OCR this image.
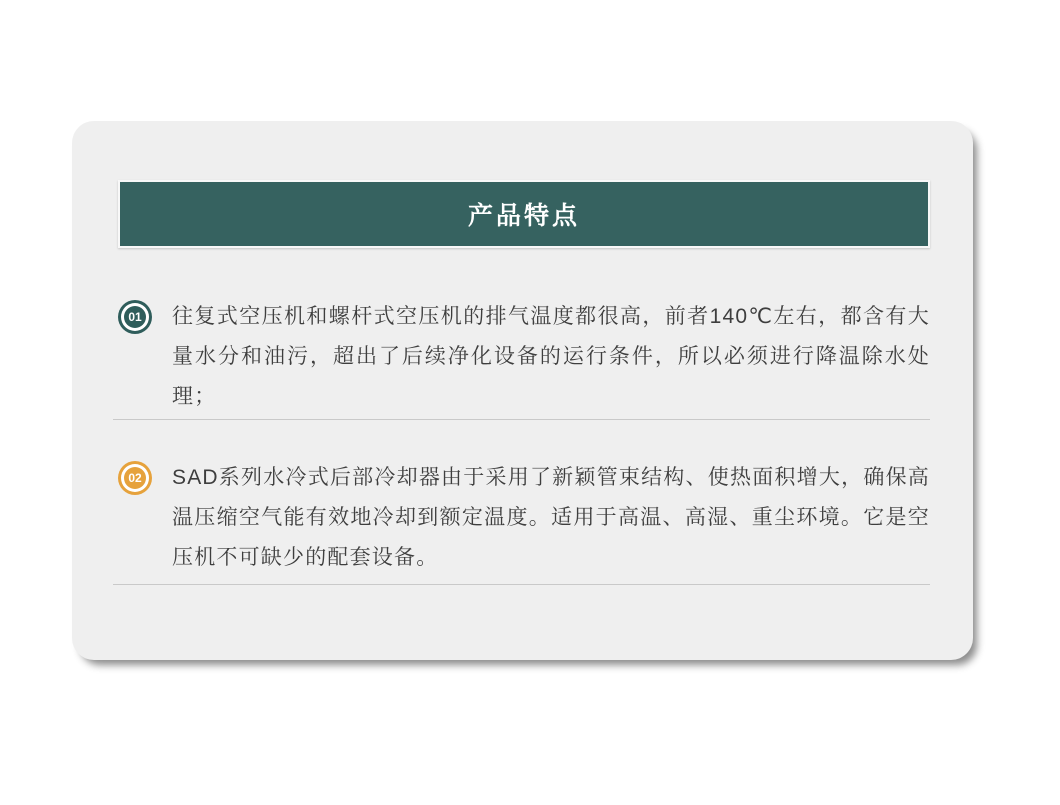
产品特点
01 往复式空压机和螺杆式空压机的排气温度都很高，前者140℃左右，都含有大量水分和油污，超出了后续净化设备的运行条件，所以必须进行降温除水处理；
02 SAD系列水冷式后部冷却器由于采用了新颖管束结构、使热面积增大，确保高温压缩空气能有效地冷却到额定温度。适用于高温、高湿、重尘环境。它是空压机不可缺少的配套设备。
